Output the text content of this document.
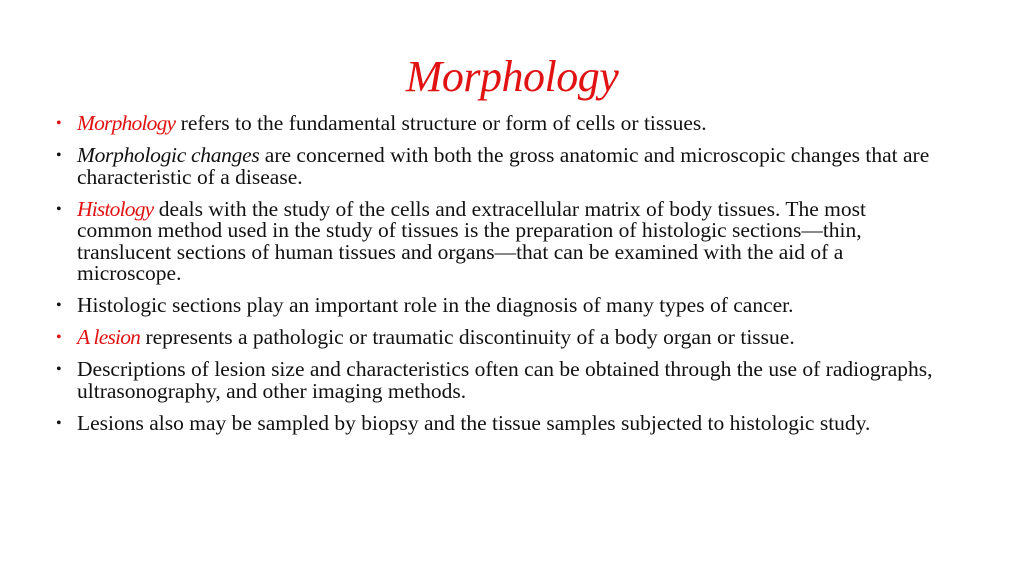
Morphology
• Morphology refers to the fundamental structure or form of cells or tissues.
• Morphologic changes are concerned with both the gross anatomic and microscopic changes that are characteristic of a disease.
• Histology deals with the study of the cells and extracellular matrix of body tissues. The most common method used in the study of tissues is the preparation of histologic sections—thin, translucent sections of human tissues and organs—that can be examined with the aid of a microscope.
• Histologic sections play an important role in the diagnosis of many types of cancer.
• A lesion represents a pathologic or traumatic discontinuity of a body organ or tissue.
• Descriptions of lesion size and characteristics often can be obtained through the use of radiographs, ultrasonography, and other imaging methods.
• Lesions also may be sampled by biopsy and the tissue samples subjected to histologic study.
